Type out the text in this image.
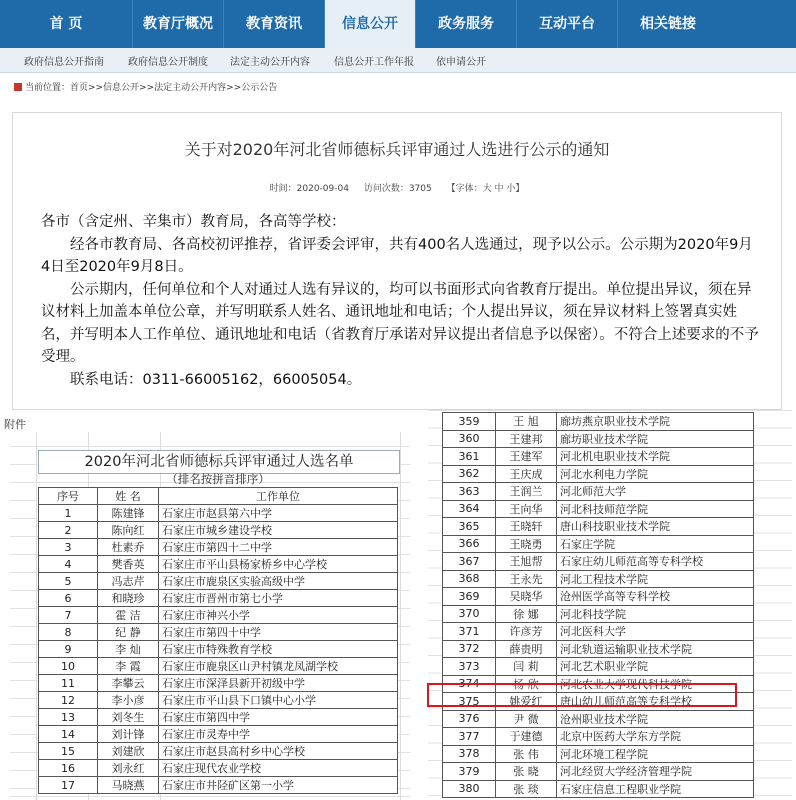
首 页	教育厅概况	教育资讯	信息公开	政务服务	互动平台	相关链接
政府信息公开指南 政府信息公开制度 法定主动公开内容 信息公开工作年报 依申请公开
当前位置：首页>>信息公开>>法定主动公开内容>>公示公告
关于对2020年河北省师德标兵评审通过人选进行公示的通知
时间：2020-09-04 访问次数：3705 【字体：大 中 小】

各市（含定州、辛集市）教育局，各高等学校：

经各市教育局、各高校初评推荐，省评委会评审，共有400名人选通过，现予以公示。公示期为2020年9月4日至2020年9月8日。

公示期内，任何单位和个人对通过人选有异议的，均可以书面形式向省教育厅提出。单位提出异议，须在异议材料上加盖本单位公章，并写明联系人姓名、通讯地址和电话；个人提出异议，须在异议材料上签署真实姓名，并写明本人工作单位、通讯地址和电话（省教育厅承诺对异议提出者信息予以保密）。不符合上述要求的不予受理。

联系电话：0311-66005162，66005054。

附件
2020年河北省师德标兵评审通过人选名单
（排名按拼音排序）
序号	姓 名	工作单位
1	陈建锋	石家庄市赵县第六中学
2	陈向红	石家庄市城乡建设学校
3	杜素乔	石家庄市第四十二中学
4	樊香英	石家庄市平山县杨家桥乡中心学校
5	冯志芹	石家庄市鹿泉区实验高级中学
6	和晓珍	石家庄市晋州市第七小学
7	霍 洁	石家庄市神兴小学
8	纪 静	石家庄市第四十中学
9	李 灿	石家庄市特殊教育学校
10	李 霞	石家庄市鹿泉区山尹村镇龙凤湖学校
11	李攀云	石家庄市深泽县新开初级中学
12	李小彦	石家庄市平山县下口镇中心小学
13	刘冬生	石家庄市第四中学
14	刘计锋	石家庄市灵寿中学
15	刘建欣	石家庄市赵县高村乡中心学校
16	刘永红	石家庄现代农业学校
17	马晓燕	石家庄市井陉矿区第一小学
359	王 旭	廊坊燕京职业技术学院
360	王建邦	廊坊职业技术学院
361	王建军	河北机电职业技术学院
362	王庆成	河北水利电力学院
363	王润兰	河北师范大学
364	王向华	河北科技师范学院
365	王晓轩	唐山科技职业技术学院
366	王晓勇	石家庄学院
367	王旭帮	石家庄幼儿师范高等专科学校
368	王永先	河北工程技术学院
369	吴晓华	沧州医学高等专科学校
370	徐 娜	河北科技学院
371	许彦芳	河北医科大学
372	薛贵明	河北轨道运输职业技术学院
373	闫 莉	河北艺术职业学院
374	杨 欣	河北农业大学现代科技学院
375	姚爱红	唐山幼儿师范高等专科学校
376	尹 微	沧州职业技术学院
377	于建德	北京中医药大学东方学院
378	张 伟	河北环境工程学院
379	张 晓	河北经贸大学经济管理学院
380	张 琰	石家庄信息工程职业学院
